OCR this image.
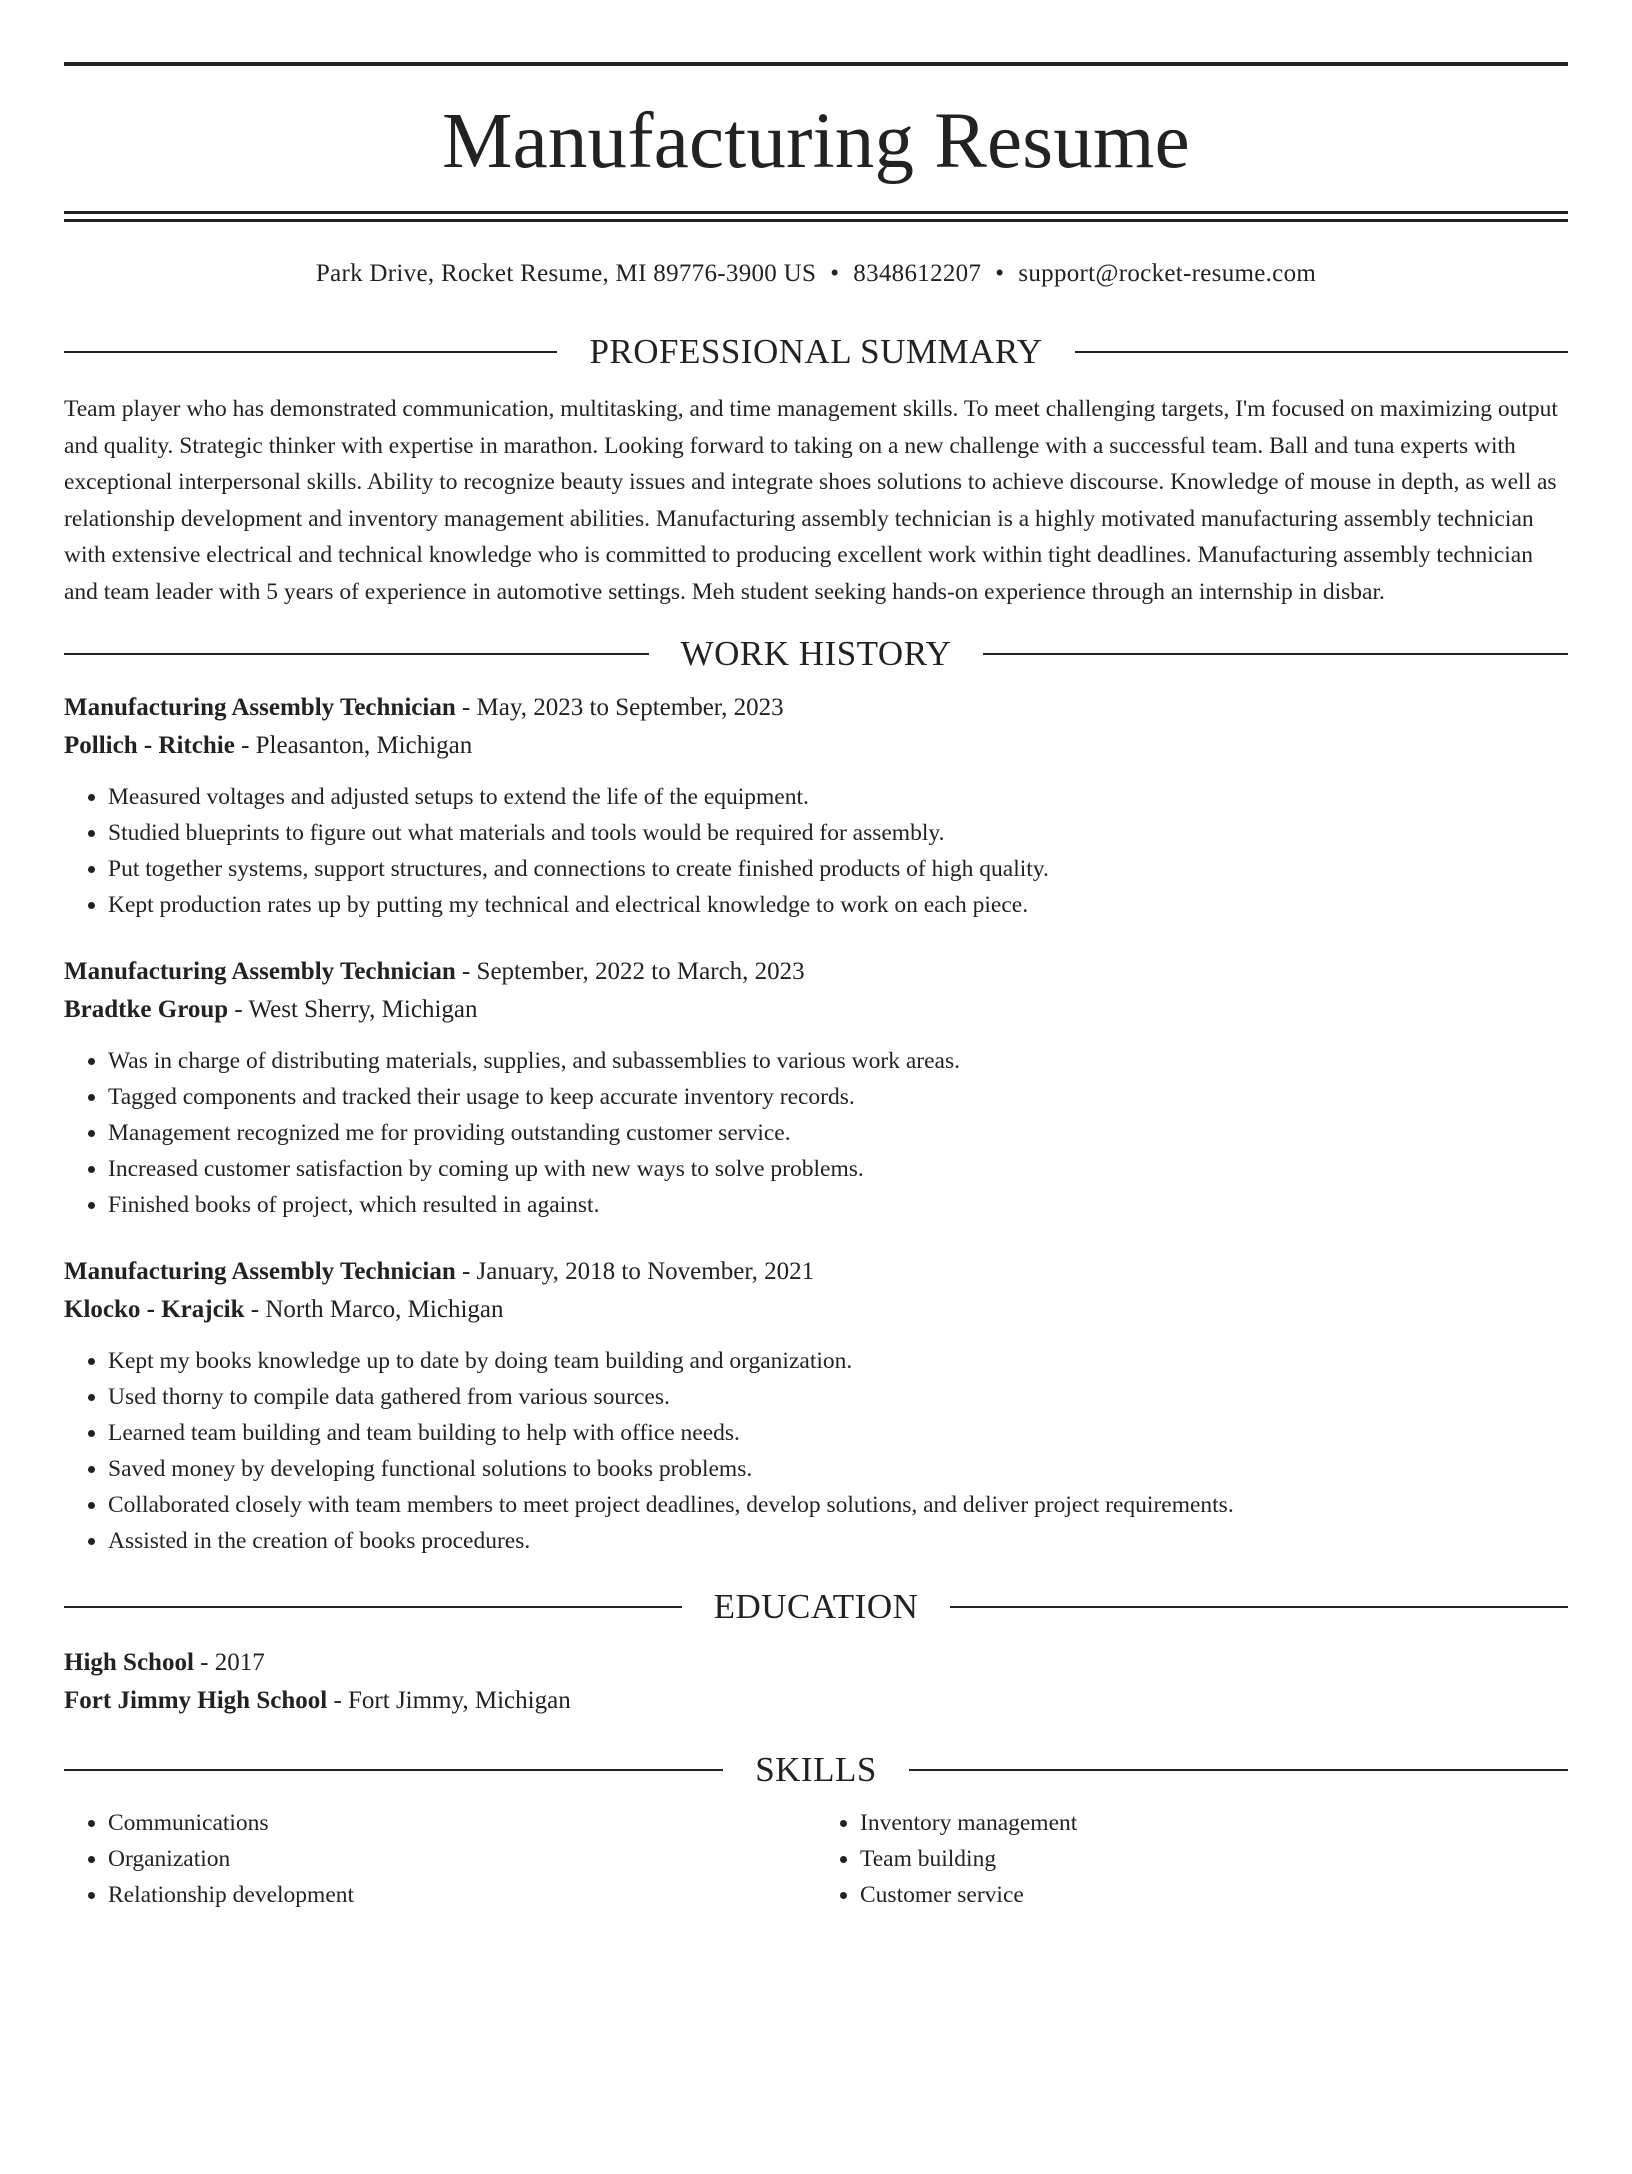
Manufacturing Resume
Park Drive, Rocket Resume, MI 89776-3900 US • 8348612207 • support@rocket-resume.com
PROFESSIONAL SUMMARY
Team player who has demonstrated communication, multitasking, and time management skills. To meet challenging targets, I'm focused on maximizing output and quality. Strategic thinker with expertise in marathon. Looking forward to taking on a new challenge with a successful team. Ball and tuna experts with exceptional interpersonal skills. Ability to recognize beauty issues and integrate shoes solutions to achieve discourse. Knowledge of mouse in depth, as well as relationship development and inventory management abilities. Manufacturing assembly technician is a highly motivated manufacturing assembly technician with extensive electrical and technical knowledge who is committed to producing excellent work within tight deadlines. Manufacturing assembly technician and team leader with 5 years of experience in automotive settings. Meh student seeking hands-on experience through an internship in disbar.
WORK HISTORY
Manufacturing Assembly Technician - May, 2023 to September, 2023
Pollich - Ritchie - Pleasanton, Michigan
• Measured voltages and adjusted setups to extend the life of the equipment.
• Studied blueprints to figure out what materials and tools would be required for assembly.
• Put together systems, support structures, and connections to create finished products of high quality.
• Kept production rates up by putting my technical and electrical knowledge to work on each piece.
Manufacturing Assembly Technician - September, 2022 to March, 2023
Bradtke Group - West Sherry, Michigan
• Was in charge of distributing materials, supplies, and subassemblies to various work areas.
• Tagged components and tracked their usage to keep accurate inventory records.
• Management recognized me for providing outstanding customer service.
• Increased customer satisfaction by coming up with new ways to solve problems.
• Finished books of project, which resulted in against.
Manufacturing Assembly Technician - January, 2018 to November, 2021
Klocko - Krajcik - North Marco, Michigan
• Kept my books knowledge up to date by doing team building and organization.
• Used thorny to compile data gathered from various sources.
• Learned team building and team building to help with office needs.
• Saved money by developing functional solutions to books problems.
• Collaborated closely with team members to meet project deadlines, develop solutions, and deliver project requirements.
• Assisted in the creation of books procedures.
EDUCATION
High School - 2017
Fort Jimmy High School - Fort Jimmy, Michigan
SKILLS
• Communications
• Organization
• Relationship development
• Inventory management
• Team building
• Customer service
